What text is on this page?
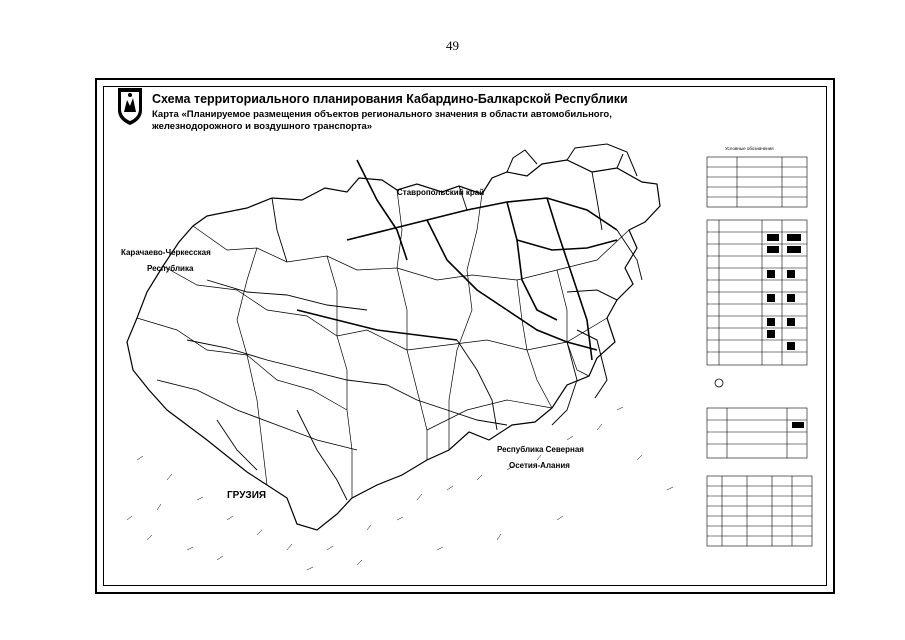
49
Схема территориального планирования Кабардино-Балкарской Республики
Карта «Планируемое размещения объектов регионального значения в области автомобильного, железнодорожного и воздушного транспорта»
Ставропольский край
Карачаево-Черкесская
Республика
ГРУЗИЯ
Республика Северная
Осетия-Алания
Условные обозначения
